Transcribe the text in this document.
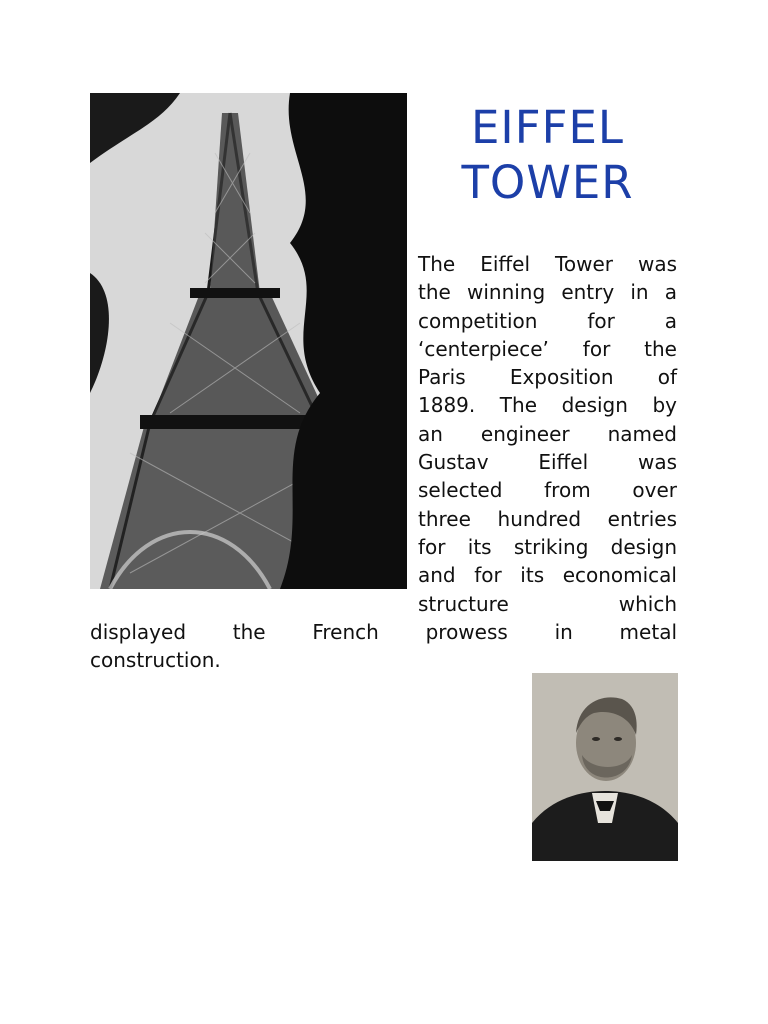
EIFFEL
TOWER
The Eiffel Tower was
the winning entry in a
competition for a
‘centerpiece’ for the
Paris Exposition of
1889. The design by
an engineer named
Gustav Eiffel was
selected from over
three hundred entries
for its striking design
and for its economical
structure which
displayed the French prowess in metal
construction.
